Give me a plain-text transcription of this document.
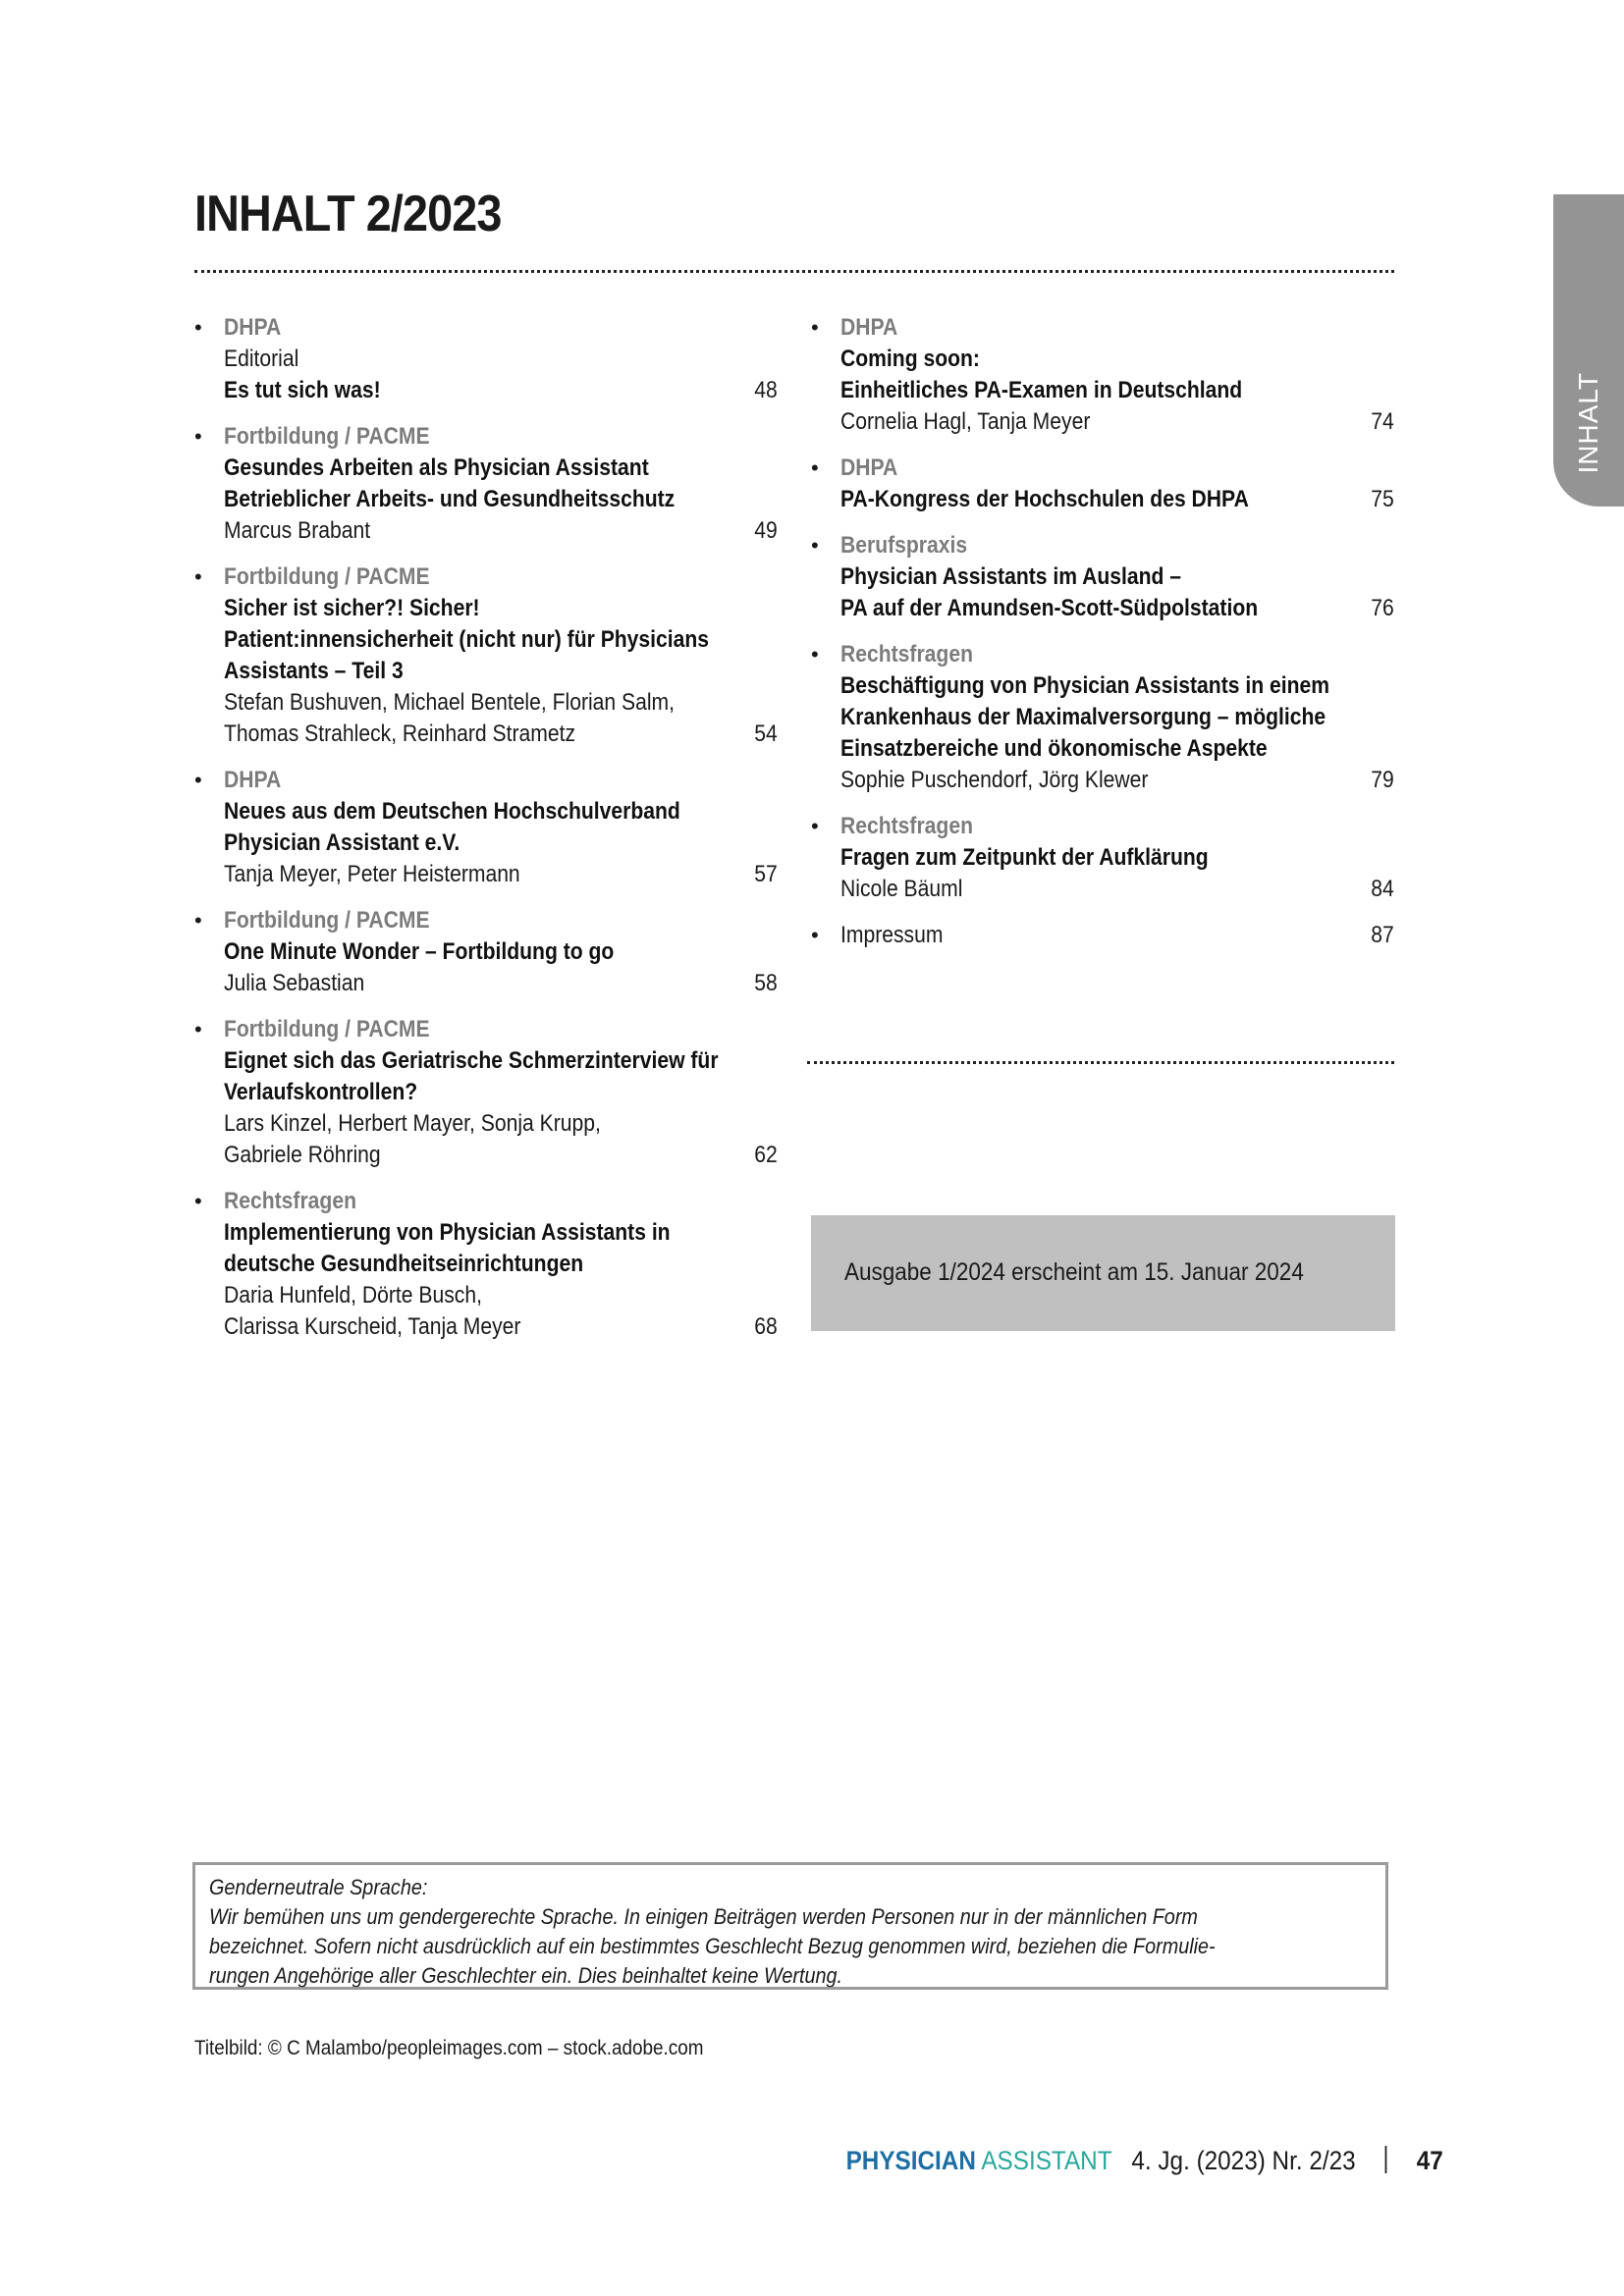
INHALT 2/2023
INHALT
• DHPA
Editorial
Es tut sich was!	48
• Fortbildung / PACME
Gesundes Arbeiten als Physician Assistant
Betrieblicher Arbeits- und Gesundheitsschutz
Marcus Brabant	49
• Fortbildung / PACME
Sicher ist sicher?! Sicher!
Patient:innensicherheit (nicht nur) für Physicians
Assistants – Teil 3
Stefan Bushuven, Michael Bentele, Florian Salm,
Thomas Strahleck, Reinhard Strametz	54
• DHPA
Neues aus dem Deutschen Hochschulverband
Physician Assistant e.V.
Tanja Meyer, Peter Heistermann	57
• Fortbildung / PACME
One Minute Wonder – Fortbildung to go
Julia Sebastian	58
• Fortbildung / PACME
Eignet sich das Geriatrische Schmerzinterview für
Verlaufskontrollen?
Lars Kinzel, Herbert Mayer, Sonja Krupp,
Gabriele Röhring	62
• Rechtsfragen
Implementierung von Physician Assistants in
deutsche Gesundheitseinrichtungen
Daria Hunfeld, Dörte Busch,
Clarissa Kurscheid, Tanja Meyer	68
• DHPA
Coming soon:
Einheitliches PA-Examen in Deutschland
Cornelia Hagl, Tanja Meyer	74
• DHPA
PA-Kongress der Hochschulen des DHPA	75
• Berufspraxis
Physician Assistants im Ausland –
PA auf der Amundsen-Scott-Südpolstation	76
• Rechtsfragen
Beschäftigung von Physician Assistants in einem
Krankenhaus der Maximalversorgung – mögliche
Einsatzbereiche und ökonomische Aspekte
Sophie Puschendorf, Jörg Klewer	79
• Rechtsfragen
Fragen zum Zeitpunkt der Aufklärung
Nicole Bäuml	84
• Impressum	87
Ausgabe 1/2024 erscheint am 15. Januar 2024
Genderneutrale Sprache:
Wir bemühen uns um gendergerechte Sprache. In einigen Beiträgen werden Personen nur in der männlichen Form
bezeichnet. Sofern nicht ausdrücklich auf ein bestimmtes Geschlecht Bezug genommen wird, beziehen die Formulie-
rungen Angehörige aller Geschlechter ein. Dies beinhaltet keine Wertung.
Titelbild: © C Malambo/peopleimages.com – stock.adobe.com
PHYSICIAN ASSISTANT 4. Jg. (2023) Nr. 2/23 47
